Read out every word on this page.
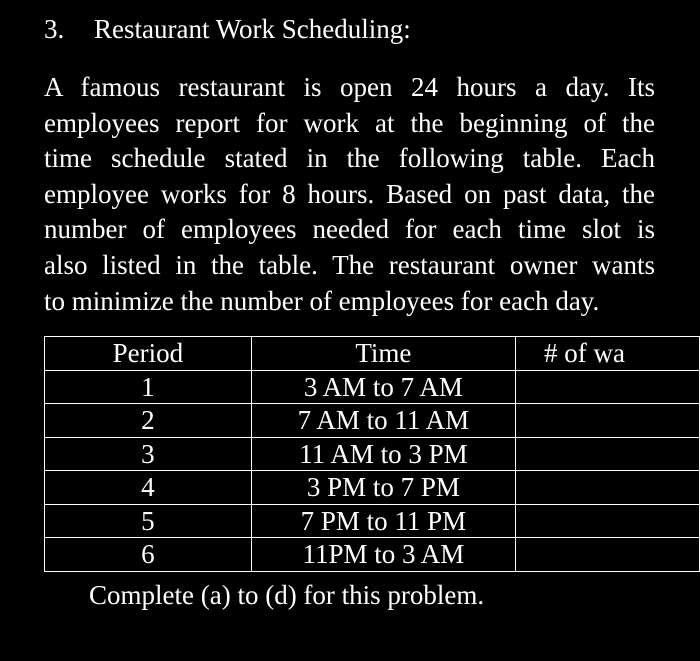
3. Restaurant Work Scheduling:
A famous restaurant is open 24 hours a day. Its
employees report for work at the beginning of the
time schedule stated in the following table. Each
employee works for 8 hours. Based on past data, the
number of employees needed for each time slot is
also listed in the table. The restaurant owner wants
to minimize the number of employees for each day.
Period	Time	# of wa
1	3 AM to 7 AM	
2	7 AM to 11 AM	
3	11 AM to 3 PM	
4	3 PM to 7 PM	
5	7 PM to 11 PM	
6	11PM to 3 AM	
Complete (a) to (d) for this problem.
